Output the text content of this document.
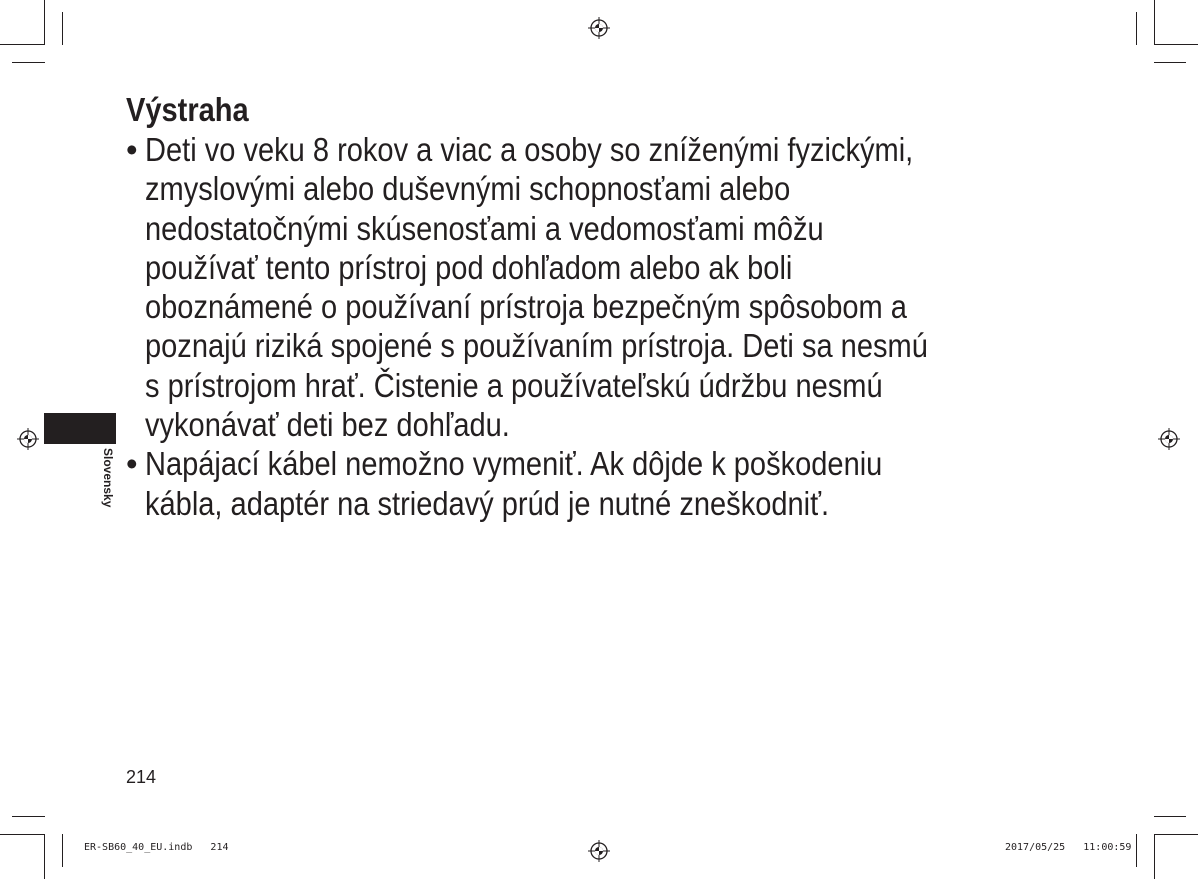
Slovensky
Výstraha
• Deti vo veku 8 rokov a viac a osoby so zníženými fyzickými,
zmyslovými alebo duševnými schopnosťami alebo
nedostatočnými skúsenosťami a vedomosťami môžu
používať tento prístroj pod dohľadom alebo ak boli
oboznámené o používaní prístroja bezpečným spôsobom a
poznajú riziká spojené s používaním prístroja. Deti sa nesmú
s prístrojom hrať. Čistenie a používateľskú údržbu nesmú
vykonávať deti bez dohľadu.
• Napájací kábel nemožno vymeniť. Ak dôjde k poškodeniu
kábla, adaptér na striedavý prúd je nutné zneškodniť.
214
ER-SB60_40_EU.indb   214	2017/05/25   11:00:59
